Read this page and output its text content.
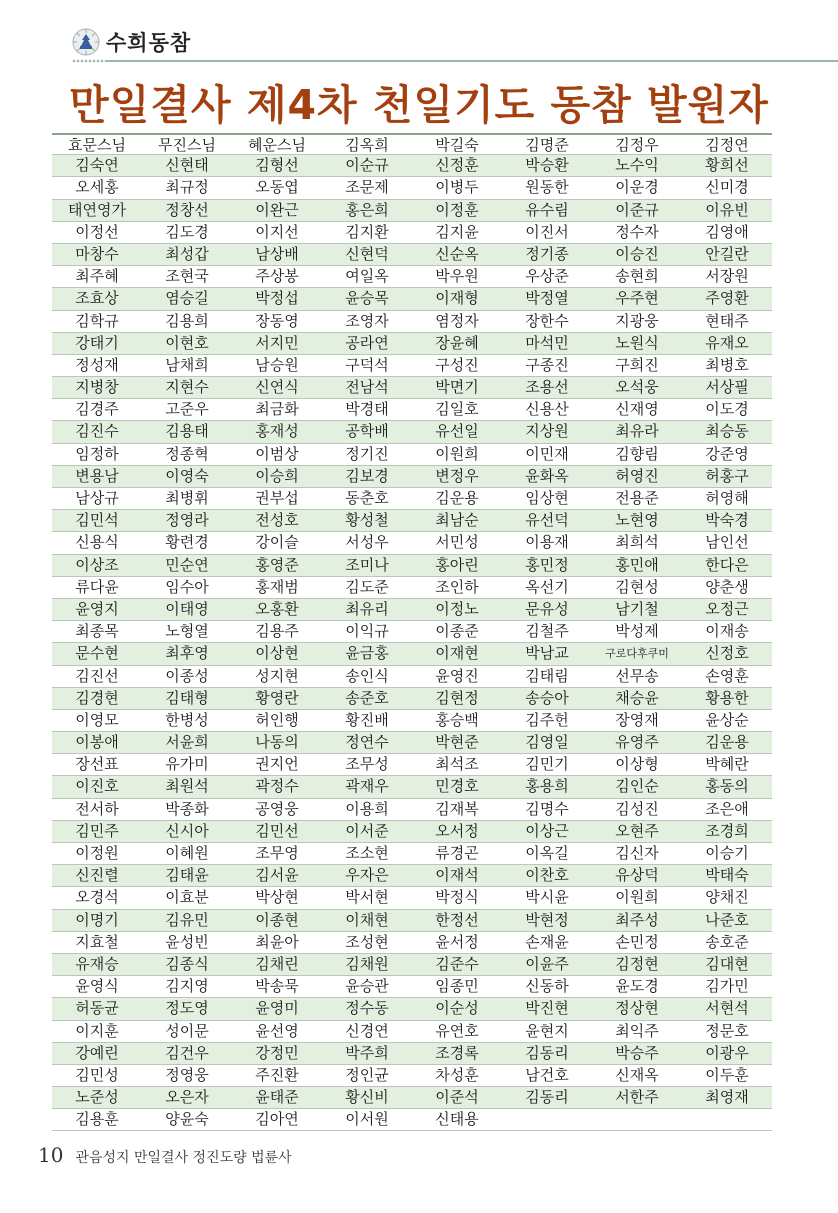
수희동참
만일결사 제4차 천일기도 동참 발원자
효문스님	무진스님	혜운스님	김옥희	박길숙	김명준	김정우	김정연
김숙연	신현태	김형선	이순규	신정훈	박승환	노수익	황희선
오세홍	최규정	오동엽	조문제	이병두	원동한	이운경	신미경
태연영가	정창선	이완근	홍은희	이정훈	유수림	이준규	이유빈
이정선	김도경	이지선	김지환	김지윤	이진서	정수자	김영애
마창수	최성갑	남상배	신현덕	신순옥	정기종	이승진	안길란
최주혜	조현국	주상봉	여일옥	박우원	우상준	송현희	서장원
조효상	염승길	박정섭	윤승목	이재형	박정열	우주현	주영환
김학규	김용희	장동영	조영자	염정자	장한수	지광웅	현태주
강태기	이현호	서지민	공라연	장윤혜	마석민	노원식	유재오
정성재	남채희	남승원	구덕석	구성진	구종진	구희진	최병호
지병창	지현수	신연식	전남석	박면기	조용선	오석웅	서상필
김경주	고준우	최금화	박경태	김일호	신용산	신재영	이도경
김진수	김용태	홍재성	공학배	유선일	지상원	최유라	최승동
임정하	정종혁	이범상	정기진	이원희	이민재	김향림	강준영
변용남	이영숙	이승희	김보경	변정우	윤화옥	허영진	허홍구
남상규	최병휘	권부섭	동춘호	김운용	임상현	전용준	허영해
김민석	정영라	전성호	황성철	최남순	유선덕	노현영	박숙경
신용식	황련경	강이슬	서성우	서민성	이용재	최희석	남인선
이상조	민순연	홍영준	조미나	홍아린	홍민정	홍민애	한다은
류다윤	임수아	홍재범	김도준	조인하	옥선기	김현성	양춘생
윤영지	이태영	오홍환	최유리	이정노	문유성	남기철	오정근
최종목	노형열	김용주	이익규	이종준	김철주	박성제	이재송
문수현	최후영	이상현	윤금홍	이재현	박남교	구로다후쿠미	신정호
김진선	이종성	성지현	송인식	윤영진	김태림	선무송	손영훈
김경현	김태형	황영란	송준호	김현정	송승아	채승윤	황용한
이영모	한병성	허인행	황진배	홍승백	김주헌	장영재	윤상순
이봉애	서윤희	나동의	정연수	박현준	김영일	유영주	김운용
장선표	유가미	권지언	조무성	최석조	김민기	이상형	박혜란
이진호	최원석	곽정수	곽재우	민경호	홍용희	김인순	홍동의
전서하	박종화	공영웅	이용희	김재복	김명수	김성진	조은애
김민주	신시아	김민선	이서준	오서정	이상근	오현주	조경희
이정원	이혜원	조무영	조소현	류경곤	이옥길	김신자	이승기
신진렬	김태윤	김서윤	우자은	이재석	이찬호	유상덕	박태숙
오경석	이효분	박상현	박서현	박정식	박시윤	이원희	양채진
이명기	김유민	이종현	이채현	한정선	박현정	최주성	나준호
지효철	윤성빈	최윤아	조성현	윤서정	손재윤	손민정	송호준
유재승	김종식	김채린	김채원	김준수	이윤주	김정현	김대현
윤영식	김지영	박송묵	윤승관	임종민	신동하	윤도경	김가민
허동균	정도영	윤영미	정수동	이순성	박진현	정상현	서현석
이지훈	성이문	윤선영	신경연	유연호	윤현지	최익주	정문호
강예린	김건우	강정민	박주희	조경록	김동리	박승주	이광우
김민성	정영웅	주진환	정인균	차성훈	남건호	신재옥	이두훈
노준성	오은자	윤태준	황신비	이준석	김동리	서한주	최영재
김용훈	양윤숙	김아연	이서원	신태용
10 관음성지 만일결사 정진도량 법륜사
